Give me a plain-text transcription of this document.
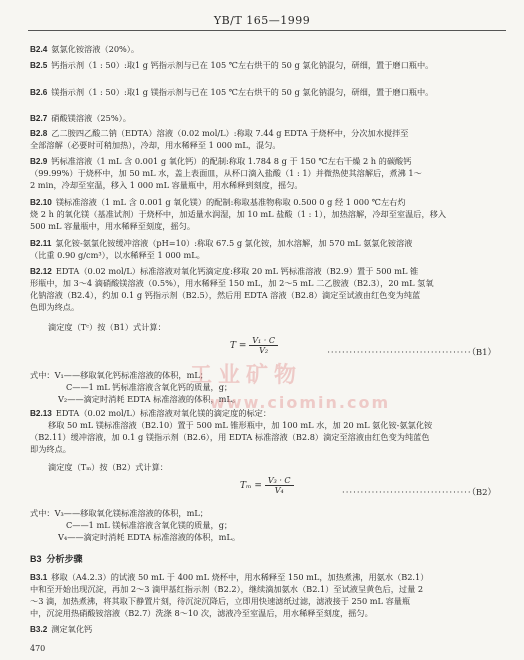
YB/T 165—1999
B2.4 氨氯化铵溶液（20%）。
B2.5 钙指示剂（1 : 50）:取1 g 钙指示剂与已在 105 ℃左右烘干的 50 g 氯化钠混匀，研细，置于磨口瓶中。
B2.6 镁指示剂（1 : 50）:取1 g 镁指示剂与已在 105 ℃左右烘干的 50 g 氯化钠混匀，研细，置于磨口瓶中。
B2.7 硝酸镁溶液（25%）。
B2.8 乙二胺四乙酸二钠（EDTA）溶液（0.02 mol/L）:称取 7.44 g EDTA 于烧杯中，分次加水搅拌至
全部溶解（必要时可稍加热），冷却，用水稀释至 1 000 mL，混匀。
B2.9 钙标准溶液（1 mL 含 0.001 g 氧化钙）的配制:称取 1.784 8 g 于 150 ℃左右干燥 2 h 的碳酸钙
（99.99%）于烧杯中，加 50 mL 水，盖上表面皿，从杯口滴入盐酸（1 : 1）并微热使其溶解后，煮沸 1～
2 min，冷却至室温，移入 1 000 mL 容量瓶中，用水稀释到刻度，摇匀。
B2.10 镁标准溶液（1 mL 含 0.001 g 氧化镁）的配制:称取基准物称取 0.500 0 g 经 1 000 ℃左右灼
烧 2 h 的氧化镁（基准试剂）于烧杯中，加适量水润湿，加 10 mL 盐酸（1 : 1），加热溶解，冷却至室温后，移入
500 mL 容量瓶中，用水稀释至刻度，摇匀。
B2.11 氯化铵-氨氯化铵缓冲溶液（pH=10）:称取 67.5 g 氯化铵，加水溶解，加 570 mL 氨氯化铵溶液
（比重 0.90 g/cm³），以水稀释至 1 000 mL。
B2.12 EDTA（0.02 mol/L）标准溶液对氧化钙滴定度:移取 20 mL 钙标准溶液（B2.9）置于 500 mL 锥
形瓶中，加 3～4 滴硝酸镁溶液（0.5%），用水稀释至 150 mL，加 2～5 mL 二乙胺液（B2.3），20 mL 氢氧
化钠溶液（B2.4），约加 0.1 g 钙指示剂（B2.5），然后用 EDTA 溶液（B2.8）滴定至试液由红色变为纯蓝
色即为终点。
滴定度（Tᶜ）按（B1）式计算：
$T = \frac{\text{V₁ · C}}{\text{V₂}}$	·······································（B1）
式中：V₁——移取氧化钙标准溶液的体积，mL；
C——1 mL 钙标准溶液含氧化钙的质量，g；
V₂——滴定时消耗 EDTA 标准溶液的体积，mL。
B2.13 EDTA（0.02 mol/L）标准溶液对氧化镁的滴定度的标定：
移取 50 mL 镁标准溶液（B2.10）置于 500 mL 锥形瓶中，加 100 mL 水，加 20 mL 氨化铵-氨氯化铵
（B2.11）缓冲溶液，加 0.1 g 镁指示剂（B2.6），用 EDTA 标准溶液（B2.8）滴定至溶液由红色变为纯蓝色
即为终点。
滴定度（Tₘ）按（B2）式计算：
$T_m = \frac{\text{V₃ · C}}{\text{V₄}}$	···································（B2）
式中：V₃——移取氧化镁标准溶液的体积，mL；
C——1 mL 镁标准溶液含氧化镁的质量，g；
V₄——滴定时消耗 EDTA 标准溶液的体积，mL。
B3 分析步骤
B3.1 移取（A4.2.3）的试液 50 mL 于 400 mL 烧杯中，用水稀释至 150 mL，加热煮沸，用氨水（B2.1）
中和至开始出现沉淀，再加 2～3 滴甲基红指示剂（B2.2），继续滴加氨水（B2.1）至试液呈黄色后，过量 2
～3 滴，加热煮沸，将其取下静置片刻，待沉淀沉降后，立即用快速滤纸过滤，滤液接于 250 mL 容量瓶
中，沉淀用热硝酸铵溶液（B2.7）洗涤 8～10 次，滤液冷至室温后，用水稀释至刻度，摇匀。
B3.2 测定氧化钙
工业矿物
www.ciomin.com
470
